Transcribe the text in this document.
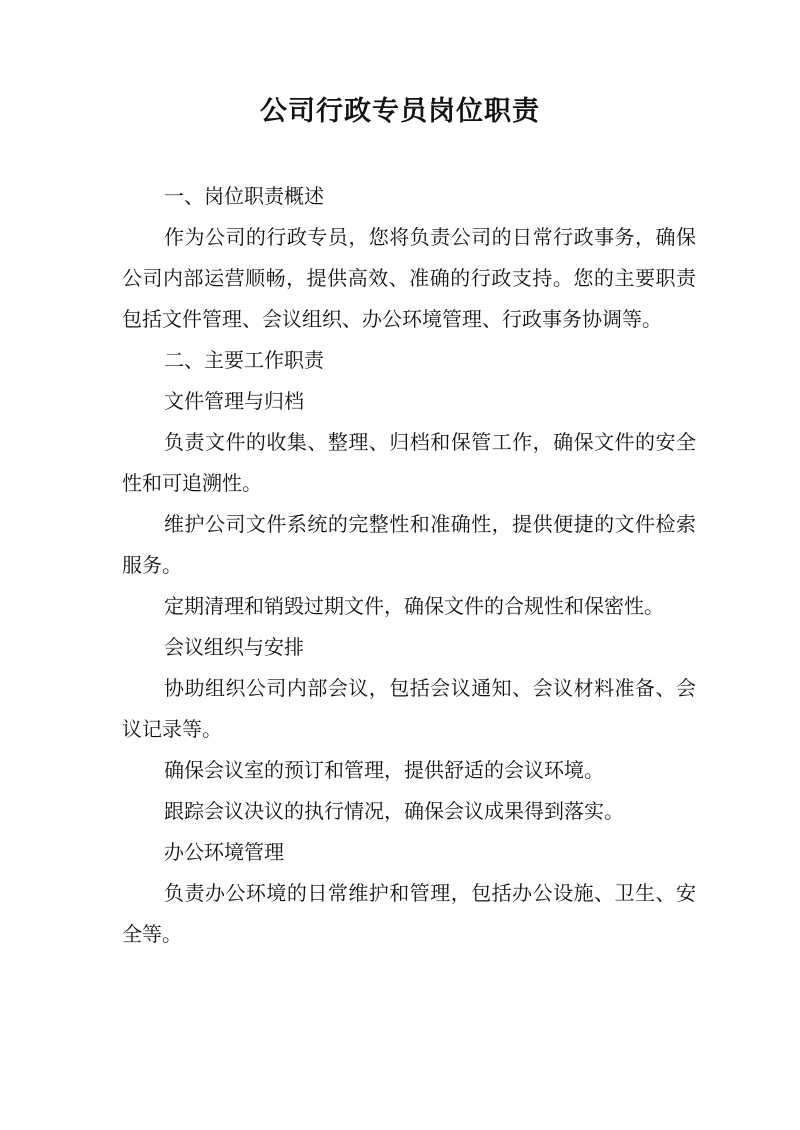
公司行政专员岗位职责

一、岗位职责概述

作为公司的行政专员，您将负责公司的日常行政事务，确保公司内部运营顺畅，提供高效、准确的行政支持。您的主要职责包括文件管理、会议组织、办公环境管理、行政事务协调等。

二、主要工作职责

文件管理与归档

负责文件的收集、整理、归档和保管工作，确保文件的安全性和可追溯性。

维护公司文件系统的完整性和准确性，提供便捷的文件检索服务。

定期清理和销毁过期文件，确保文件的合规性和保密性。

会议组织与安排

协助组织公司内部会议，包括会议通知、会议材料准备、会议记录等。

确保会议室的预订和管理，提供舒适的会议环境。

跟踪会议决议的执行情况，确保会议成果得到落实。

办公环境管理

负责办公环境的日常维护和管理，包括办公设施、卫生、安全等。
